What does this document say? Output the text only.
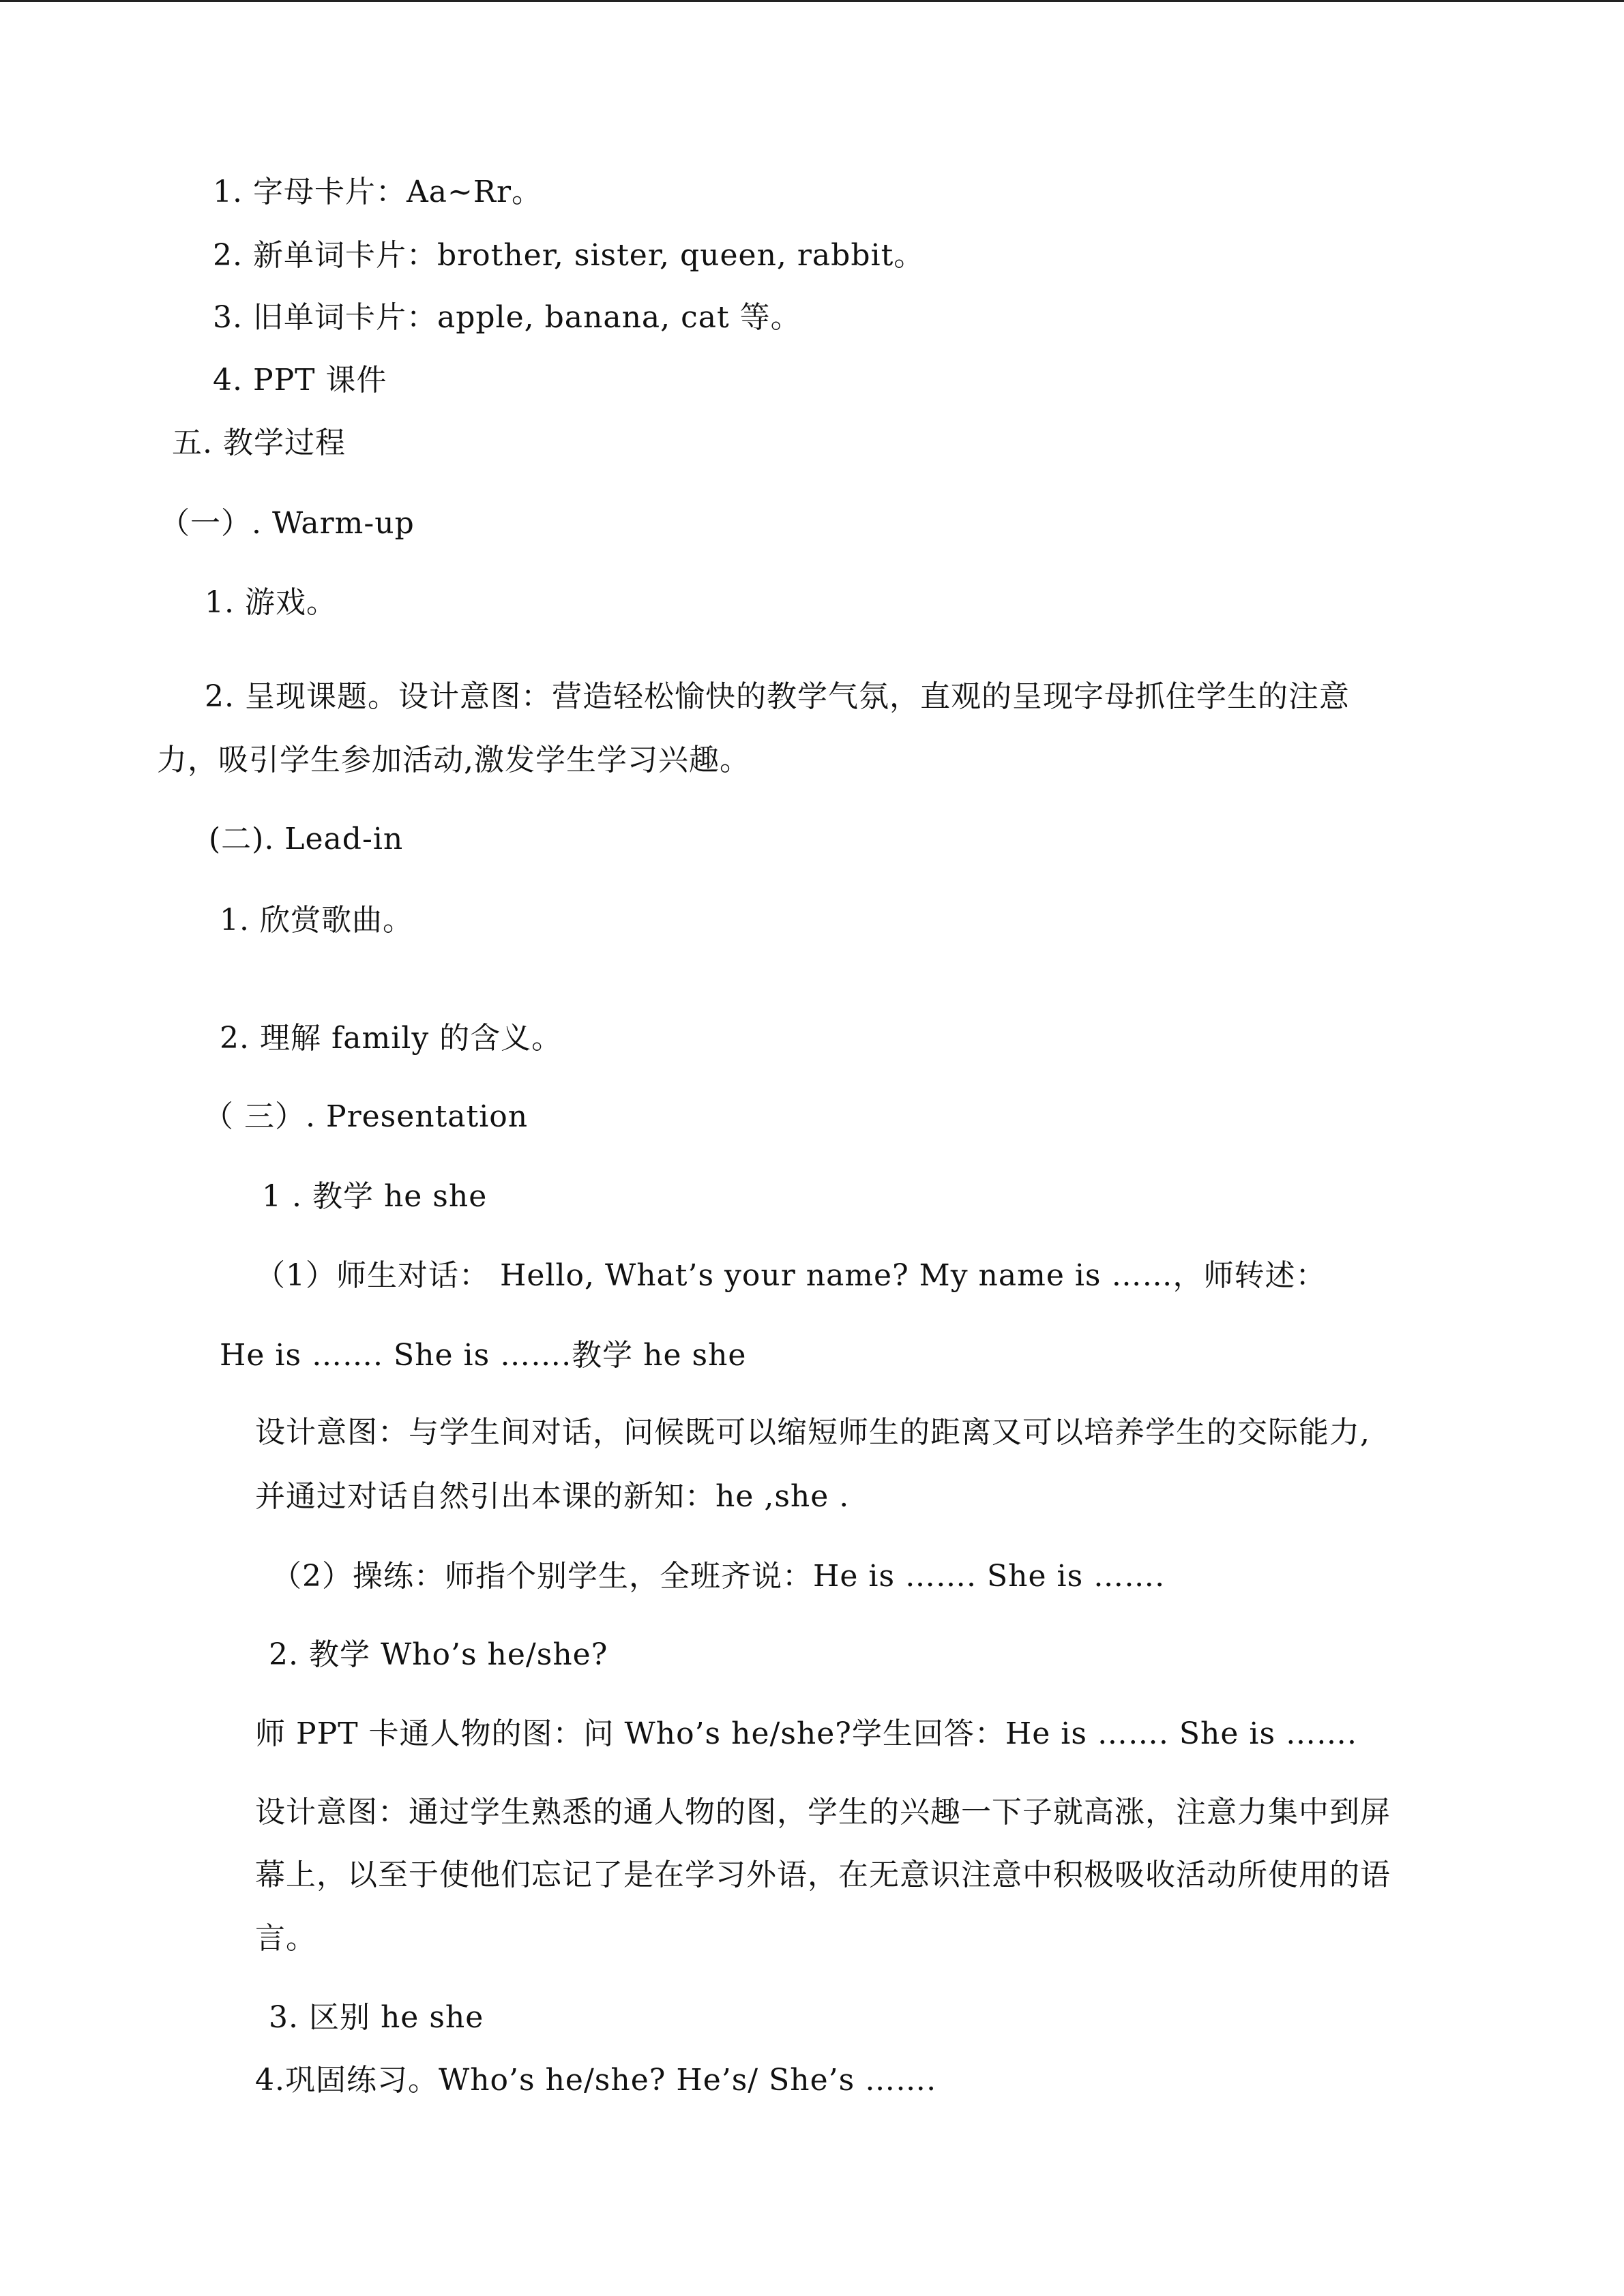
1. 字母卡片：Aa~Rr。
2. 新单词卡片：brother, sister, queen, rabbit。
3. 旧单词卡片：apple, banana, cat 等。
4. PPT 课件
五. 教学过程
（一）. Warm-up
1. 游戏。
2. 呈现课题。设计意图：营造轻松愉快的教学气氛，直观的呈现字母抓住学生的注意
力，吸引学生参加活动,激发学生学习兴趣。
(二). Lead-in
1. 欣赏歌曲。
2. 理解 family 的含义。
（ 三）. Presentation
1 . 教学 he she
（1）师生对话： Hello, What’s your name? My name is ……，师转述：
He is ……. She is …….教学 he she
设计意图：与学生间对话，问候既可以缩短师生的距离又可以培养学生的交际能力,
并通过对话自然引出本课的新知：he ,she .
（2）操练：师指个别学生，全班齐说：He is ……. She is …….
2. 教学 Who’s he/she?
师 PPT 卡通人物的图：问 Who’s he/she?学生回答：He is ……. She is …….
设计意图：通过学生熟悉的通人物的图，学生的兴趣一下子就高涨，注意力集中到屏
幕上，以至于使他们忘记了是在学习外语，在无意识注意中积极吸收活动所使用的语
言。
3. 区别 he she
4.巩固练习。Who’s he/she? He’s/ She’s …….
